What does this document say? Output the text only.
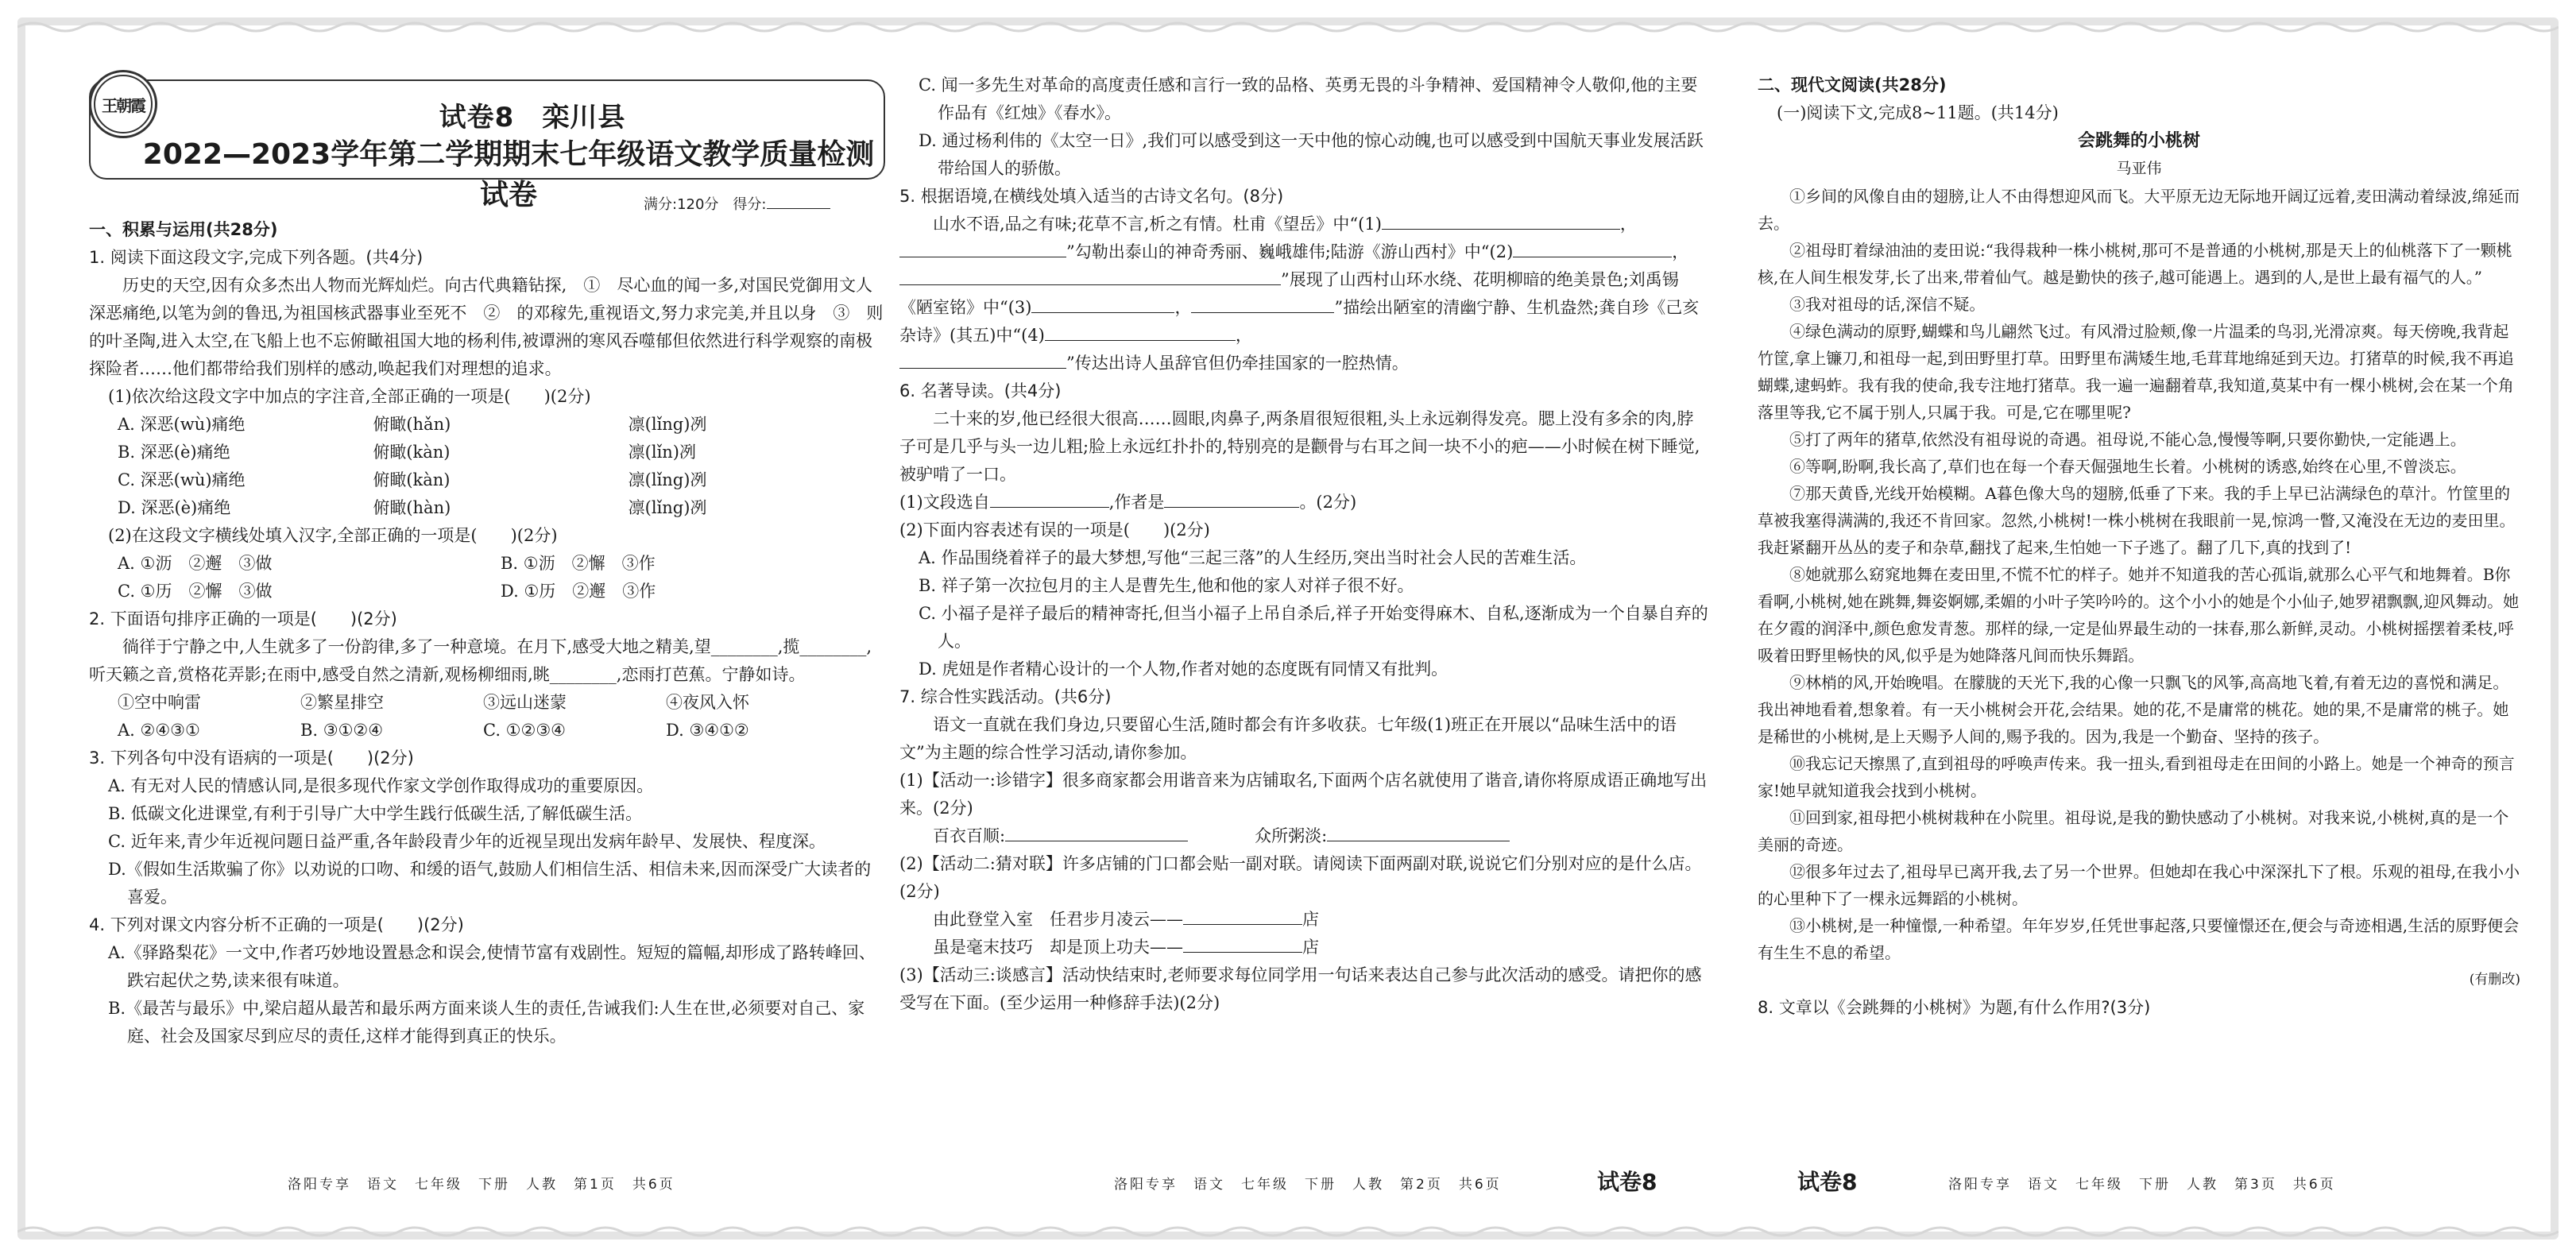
王朝霞	试卷8　栾川县
2022—2023学年第二学期期末七年级语文教学质量检测试卷	满分:120分　得分:

一、积累与运用(共28分)

1. 阅读下面这段文字,完成下列各题。(共4分)

历史的天空,因有众多杰出人物而光辉灿烂。向古代典籍钻探,　①　尽心血的闻一多,对国民党御用文人深恶痛绝,以笔为剑的鲁迅,为祖国核武器事业至死不　②　的邓稼先,重视语文,努力求完美,并且以身　③　则的叶圣陶,进入太空,在飞船上也不忘俯瞰祖国大地的杨利伟,被谭洲的寒风吞噬郁但依然进行科学观察的南极探险者……他们都带给我们别样的感动,唤起我们对理想的追求。

(1)依次给这段文字中加点的字注音,全部正确的一项是(　　)(2分)

A. 深恶(wù)痛绝	俯瞰(hǎn)	凛(lǐng)冽
B. 深恶(è)痛绝	俯瞰(kàn)	凛(lǐn)冽
C. 深恶(wù)痛绝	俯瞰(kàn)	凛(lǐng)冽
D. 深恶(è)痛绝	俯瞰(hàn)	凛(lǐng)冽

(2)在这段文字横线处填入汉字,全部正确的一项是(　　)(2分)

A. ①沥　②邂　③做	B. ①沥　②懈　③作
C. ①历　②懈　③做	D. ①历　②邂　③作

2. 下面语句排序正确的一项是(　　)(2分)

徜徉于宁静之中,人生就多了一份韵律,多了一种意境。在月下,感受大地之精美,望________,揽________,听天籁之音,赏格花弄影;在雨中,感受自然之清新,观杨柳细雨,眺________,恋雨打芭蕉。宁静如诗。

①空中响雷	②繁星排空	③远山迷蒙	④夜风入怀
A. ②④③①	B. ③①②④	C. ①②③④	D. ③④①②

3. 下列各句中没有语病的一项是(　　)(2分)

A. 有无对人民的情感认同,是很多现代作家文学创作取得成功的重要原因。

B. 低碳文化进课堂,有利于引导广大中学生践行低碳生活,了解低碳生活。

C. 近年来,青少年近视问题日益严重,各年龄段青少年的近视呈现出发病年龄早、发展快、程度深。

D.《假如生活欺骗了你》以劝说的口吻、和缓的语气,鼓励人们相信生活、相信未来,因而深受广大读者的喜爱。

4. 下列对课文内容分析不正确的一项是(　　)(2分)

A.《驿路梨花》一文中,作者巧妙地设置悬念和误会,使情节富有戏剧性。短短的篇幅,却形成了路转峰回、跌宕起伏之势,读来很有味道。

B.《最苦与最乐》中,梁启超从最苦和最乐两方面来谈人生的责任,告诫我们:人生在世,必须要对自己、家庭、社会及国家尽到应尽的责任,这样才能得到真正的快乐。

C. 闻一多先生对革命的高度责任感和言行一致的品格、英勇无畏的斗争精神、爱国精神令人敬仰,他的主要作品有《红烛》《春水》。

D. 通过杨利伟的《太空一日》,我们可以感受到这一天中他的惊心动魄,也可以感受到中国航天事业发展活跃带给国人的骄傲。

5. 根据语境,在横线处填入适当的古诗文名句。(8分)

山水不语,品之有味;花草不言,析之有情。杜甫《望岳》中“(1)	，

”勾勒出泰山的神奇秀丽、巍峨雄伟;陆游《游山西村》中“(2)	，

”展现了山西村山环水绕、花明柳暗的绝美景色;刘禹锡

《陋室铭》中“(3)	，	”描绘出陋室的清幽宁静、生机盎然;龚自珍《己亥杂诗》(其五)中“(4)	，

”传达出诗人虽辞官但仍牵挂国家的一腔热情。

6. 名著导读。(共4分)

二十来的岁,他已经很大很高……圆眼,肉鼻子,两条眉很短很粗,头上永远剃得发亮。腮上没有多余的肉,脖子可是几乎与头一边儿粗;脸上永远红扑扑的,特别亮的是颧骨与右耳之间一块不小的疤——小时候在树下睡觉,被驴啃了一口。

(1)文段选自	,作者是	。(2分)

(2)下面内容表述有误的一项是(　　)(2分)

A. 作品围绕着祥子的最大梦想,写他“三起三落”的人生经历,突出当时社会人民的苦难生活。

B. 祥子第一次拉包月的主人是曹先生,他和他的家人对祥子很不好。

C. 小福子是祥子最后的精神寄托,但当小福子上吊自杀后,祥子开始变得麻木、自私,逐渐成为一个自暴自弃的人。

D. 虎妞是作者精心设计的一个人物,作者对她的态度既有同情又有批判。

7. 综合性实践活动。(共6分)

语文一直就在我们身边,只要留心生活,随时都会有许多收获。七年级(1)班正在开展以“品味生活中的语文”为主题的综合性学习活动,请你参加。

(1)【活动一:诊错字】很多商家都会用谐音来为店铺取名,下面两个店名就使用了谐音,请你将原成语正确地写出来。(2分)

百衣百顺:　　　　	众所粥淡:

(2)【活动二:猜对联】许多店铺的门口都会贴一副对联。请阅读下面两副对联,说说它们分别对应的是什么店。(2分)

由此登堂入室　任君步月凌云——	店

虽是毫末技巧　却是顶上功夫——	店

(3)【活动三:谈感言】活动快结束时,老师要求每位同学用一句话来表达自己参与此次活动的感受。请把你的感受写在下面。(至少运用一种修辞手法)(2分)

二、现代文阅读(共28分)

(一)阅读下文,完成8~11题。(共14分)

会跳舞的小桃树

马亚伟

①乡间的风像自由的翅膀,让人不由得想迎风而飞。大平原无边无际地开阔辽远着,麦田满动着绿波,绵延而去。

②祖母盯着绿油油的麦田说:“我得栽种一株小桃树,那可不是普通的小桃树,那是天上的仙桃落下了一颗桃核,在人间生根发芽,长了出来,带着仙气。越是勤快的孩子,越可能遇上。遇到的人,是世上最有福气的人。”

③我对祖母的话,深信不疑。

④绿色满动的原野,蝴蝶和鸟儿翩然飞过。有风滑过脸颊,像一片温柔的鸟羽,光滑凉爽。每天傍晚,我背起竹筐,拿上镰刀,和祖母一起,到田野里打草。田野里布满矮生地,毛茸茸地绵延到天边。打猪草的时候,我不再追蝴蝶,逮蚂蚱。我有我的使命,我专注地打猪草。我一遍一遍翻着草,我知道,莫某中有一棵小桃树,会在某一个角落里等我,它不属于别人,只属于我。可是,它在哪里呢?

⑤打了两年的猪草,依然没有祖母说的奇遇。祖母说,不能心急,慢慢等啊,只要你勤快,一定能遇上。

⑥等啊,盼啊,我长高了,草们也在每一个春天倔强地生长着。小桃树的诱惑,始终在心里,不曾淡忘。

⑦那天黄昏,光线开始模糊。A暮色像大鸟的翅膀,低垂了下来。我的手上早已沾满绿色的草汁。竹筐里的草被我塞得满满的,我还不肯回家。忽然,小桃树!一株小桃树在我眼前一晃,惊鸿一瞥,又淹没在无边的麦田里。我赶紧翻开丛丛的麦子和杂草,翻找了起来,生怕她一下子逃了。翻了几下,真的找到了!

⑧她就那么窈窕地舞在麦田里,不慌不忙的样子。她并不知道我的苦心孤诣,就那么心平气和地舞着。B你看啊,小桃树,她在跳舞,舞姿婀娜,柔媚的小叶子笑吟吟的。这个小小的她是个小仙子,她罗裙飘飘,迎风舞动。她在夕霞的润泽中,颜色愈发青葱。那样的绿,一定是仙界最生动的一抹春,那么新鲜,灵动。小桃树摇摆着柔枝,呼吸着田野里畅快的风,似乎是为她降落凡间而快乐舞蹈。

⑨林梢的风,开始晚唱。在朦胧的天光下,我的心像一只飘飞的风筝,高高地飞着,有着无边的喜悦和满足。我出神地看着,想象着。有一天小桃树会开花,会结果。她的花,不是庸常的桃花。她的果,不是庸常的桃子。她是稀世的小桃树,是上天赐予人间的,赐予我的。因为,我是一个勤奋、坚持的孩子。

⑩我忘记天擦黑了,直到祖母的呼唤声传来。我一扭头,看到祖母走在田间的小路上。她是一个神奇的预言家!她早就知道我会找到小桃树。

⑪回到家,祖母把小桃树栽种在小院里。祖母说,是我的勤快感动了小桃树。对我来说,小桃树,真的是一个美丽的奇迹。

⑫很多年过去了,祖母早已离开我,去了另一个世界。但她却在我心中深深扎下了根。乐观的祖母,在我小小的心里种下了一棵永远舞蹈的小桃树。

⑬小桃树,是一种憧憬,一种希望。年年岁岁,任凭世事起落,只要憧憬还在,便会与奇迹相遇,生活的原野便会有生生不息的希望。

(有删改)

8. 文章以《会跳舞的小桃树》为题,有什么作用?(3分)

洛阳专享　语文　七年级　下册　人教　第1页　共6页	洛阳专享　语文　七年级　下册　人教　第2页　共6页	试卷8	试卷8	洛阳专享　语文　七年级　下册　人教　第3页　共6页
